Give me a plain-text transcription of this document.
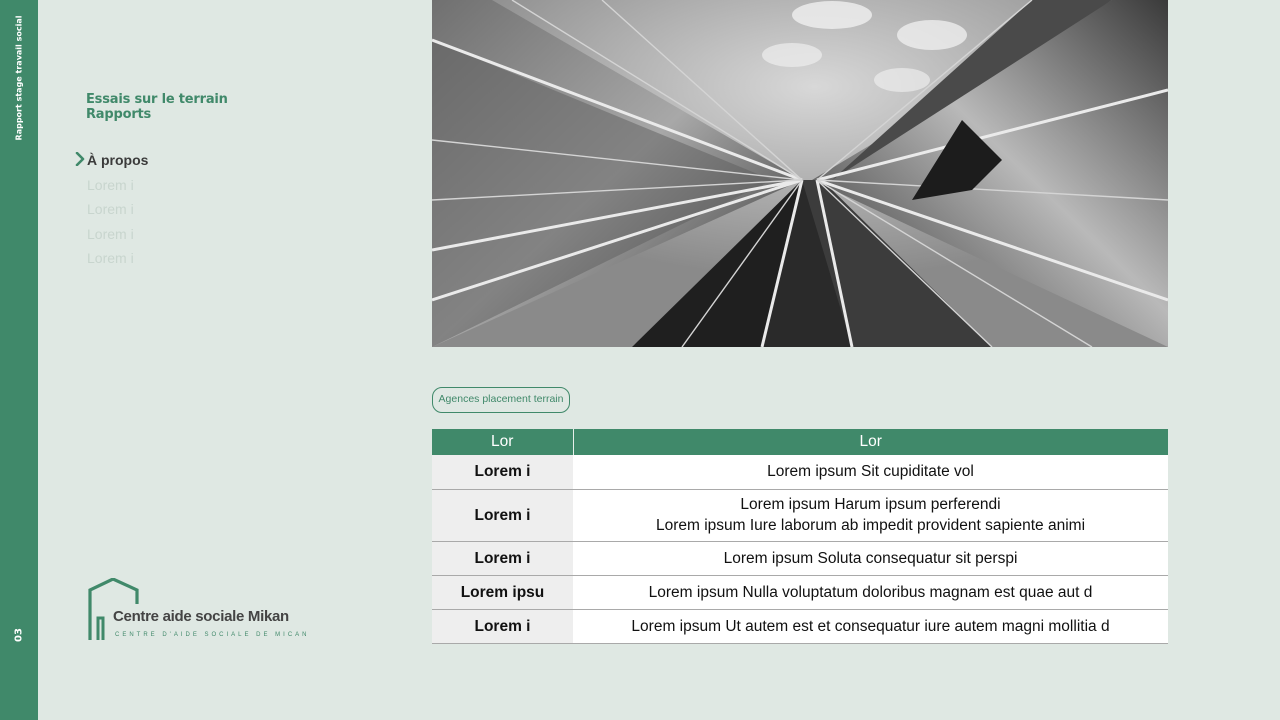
Rapport stage travail social
03
Essais sur le terrain
Rapports
À propos
Lorem i
Lorem i
Lorem i
Lorem i
Centre aide sociale Mikan
CENTRE D'AIDE SOCIALE DE MICAN
Agences placement terrain
Lor	Lor
Lorem i	Lorem ipsum Sit cupiditate vol
Lorem i	Lorem ipsum Harum ipsum perferendi
Lorem ipsum Iure laborum ab impedit provident sapiente animi

Lorem i	Lorem ipsum Soluta consequatur sit perspi
Lorem ipsu	Lorem ipsum Nulla voluptatum doloribus magnam est quae aut d
Lorem i	Lorem ipsum Ut autem est et consequatur iure autem magni mollitia d
